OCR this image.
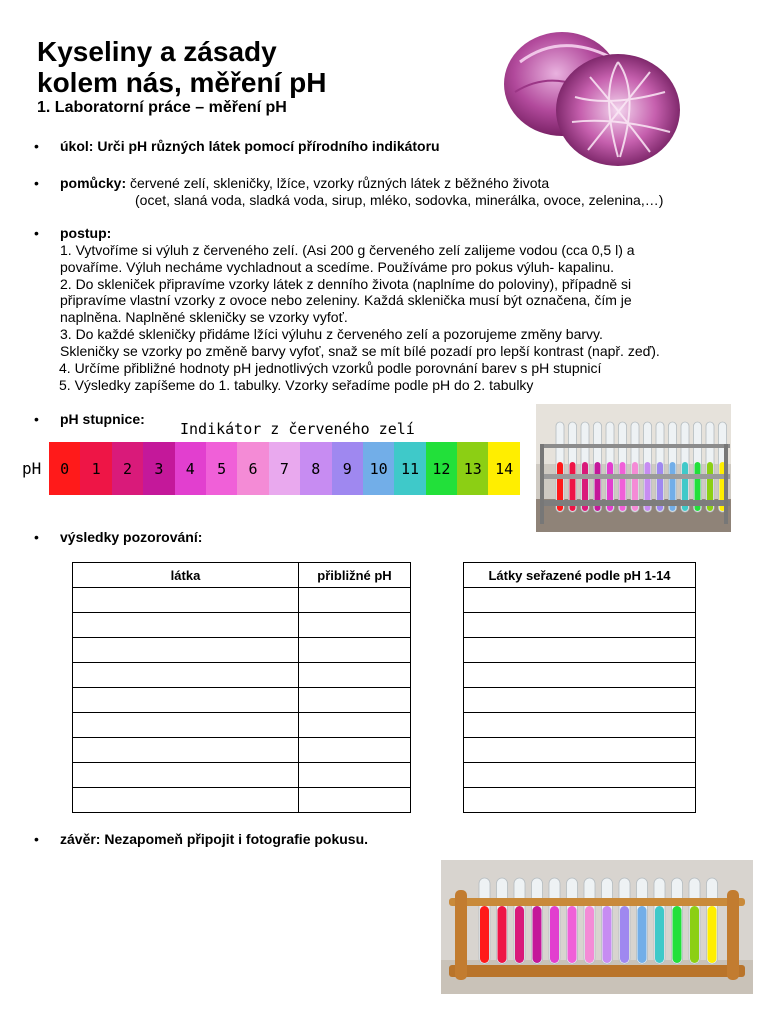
Kyseliny a zásady
kolem nás, měření pH
1. Laboratorní práce – měření pH
• úkol: Urči pH různých látek pomocí přírodního indikátoru
• pomůcky: červené zelí, skleničky, lžíce, vzorky různých látek z běžného života
(ocet, slaná voda, sladká voda, sirup, mléko, sodovka, minerálka, ovoce, zelenina,…)
• postup:
1. Vytvoříme si výluh z červeného zelí. (Asi 200 g červeného zelí zalijeme vodou (cca 0,5 l) a
povaříme. Výluh necháme vychladnout a scedíme. Používáme pro pokus výluh- kapalinu.
2. Do skleniček připravíme vzorky látek z denního života (naplníme do poloviny), případně si
připravíme vlastní vzorky z ovoce nebo zeleniny. Každá sklenička musí být označena, čím je
naplněna. Naplněné skleničky se vzorky vyfoť.
3. Do každé skleničky přidáme lžíci výluhu z červeného zelí a pozorujeme změny barvy.
Skleničky se vzorky po změně barvy vyfoť, snaž se mít bílé pozadí pro lepší kontrast (např. zeď).
4. Určíme přibližné hodnoty pH jednotlivých vzorků podle porovnání barev s pH stupnicí
5. Výsledky zapíšeme do 1. tabulky. Vzorky seřadíme podle pH do 2. tabulky
• pH stupnice:
Indikátor z červeného zelí
pH	0	1	2	3	4	5	6	7	8	9	10 11 12 13 14
• výsledky pozorování:
látka	přibližné pH

		Látky seřazené podle pH 1-14

• závěr: Nezapomeň připojit i fotografie pokusu.
